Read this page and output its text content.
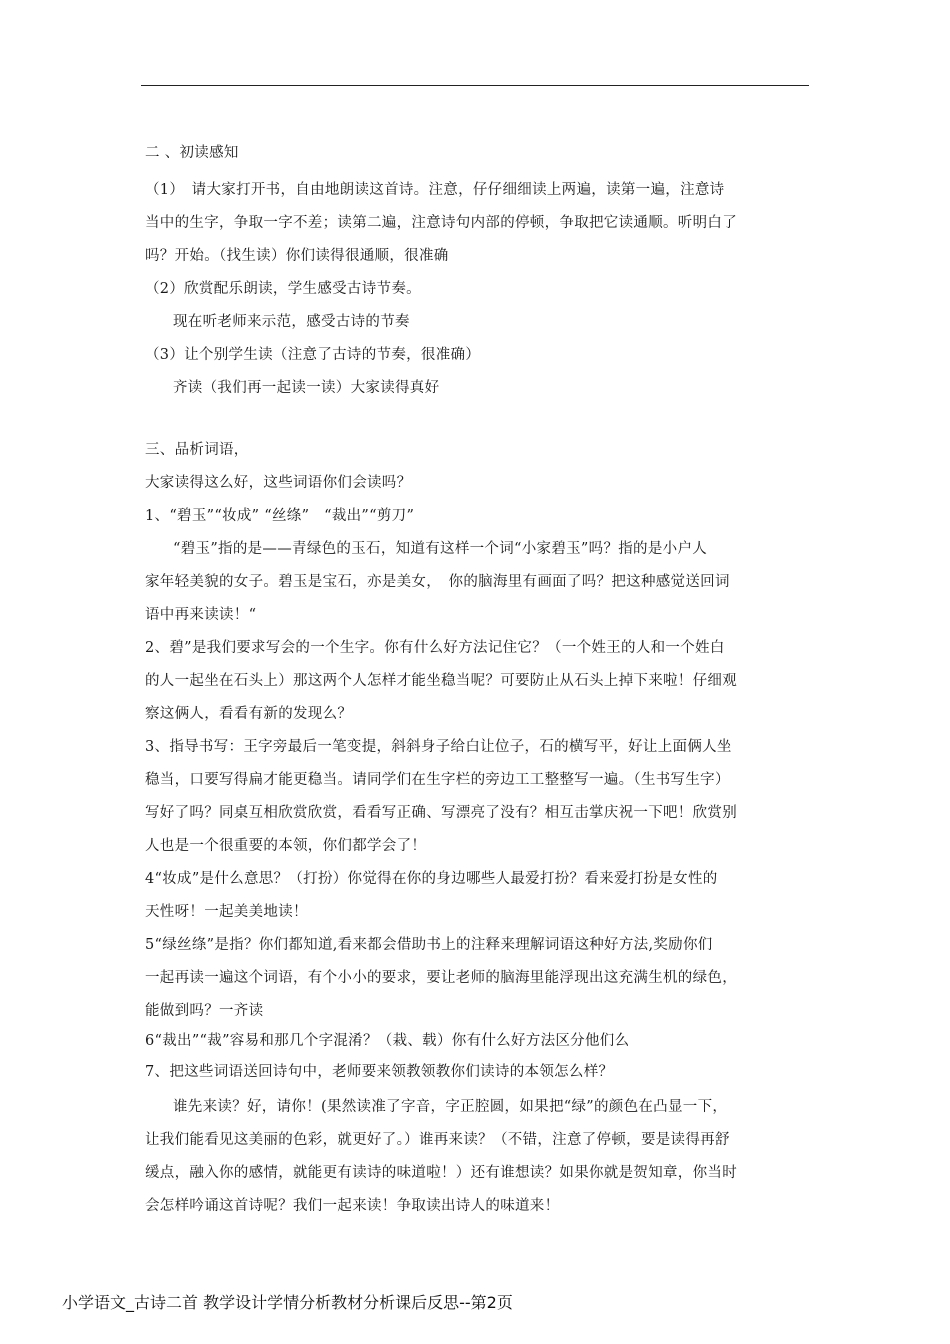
二 、初读感知
（1）　请大家打开书，自由地朗读这首诗。注意，仔仔细细读上两遍，读第一遍，注意诗
当中的生字，争取一字不差；读第二遍，注意诗句内部的停顿，争取把它读通顺。听明白了
吗？开始。（找生读）你们读得很通顺，很准确
（2）欣赏配乐朗读，学生感受古诗节奏。
现在听老师来示范，感受古诗的节奏
（3）让个别学生读（注意了古诗的节奏，很准确）
齐读（我们再一起读一读）大家读得真好
三、品析词语，
大家读得这么好，这些词语你们会读吗？
1、“碧玉”“妆成” “丝绦”　“裁出”“剪刀”
“碧玉”指的是——青绿色的玉石，知道有这样一个词“小家碧玉”吗？指的是小户人
家年轻美貌的女子。碧玉是宝石，亦是美女，　你的脑海里有画面了吗？把这种感觉送回词
语中再来读读！“
2、碧”是我们要求写会的一个生字。你有什么好方法记住它？（一个姓王的人和一个姓白
的人一起坐在石头上）那这两个人怎样才能坐稳当呢？可要防止从石头上掉下来啦！仔细观
察这俩人，看看有新的发现么？
3、指导书写：王字旁最后一笔变提，斜斜身子给白让位子，石的横写平，好让上面俩人坐
稳当，口要写得扁才能更稳当。请同学们在生字栏的旁边工工整整写一遍。（生书写生字）
写好了吗？同桌互相欣赏欣赏，看看写正确、写漂亮了没有？相互击掌庆祝一下吧！欣赏别
人也是一个很重要的本领，你们都学会了！
4“妆成”是什么意思？（打扮）你觉得在你的身边哪些人最爱打扮？看来爱打扮是女性的
天性呀！一起美美地读！
5“绿丝绦”是指？你们都知道,看来都会借助书上的注释来理解词语这种好方法,奖励你们
一起再读一遍这个词语，有个小小的要求，要让老师的脑海里能浮现出这充满生机的绿色，
能做到吗？一齐读
6“裁出”“裁”容易和那几个字混淆？（栽、载）你有什么好方法区分他们么
7、把这些词语送回诗句中，老师要来领教领教你们读诗的本领怎么样？
谁先来读？好，请你！(果然读准了字音，字正腔圆，如果把“绿”的颜色在凸显一下，
让我们能看见这美丽的色彩，就更好了。）谁再来读？（不错，注意了停顿，要是读得再舒
缓点，融入你的感情，就能更有读诗的味道啦！）还有谁想读？如果你就是贺知章，你当时
会怎样吟诵这首诗呢？我们一起来读！争取读出诗人的味道来！
小学语文_古诗二首 教学设计学情分析教材分析课后反思--第2页
